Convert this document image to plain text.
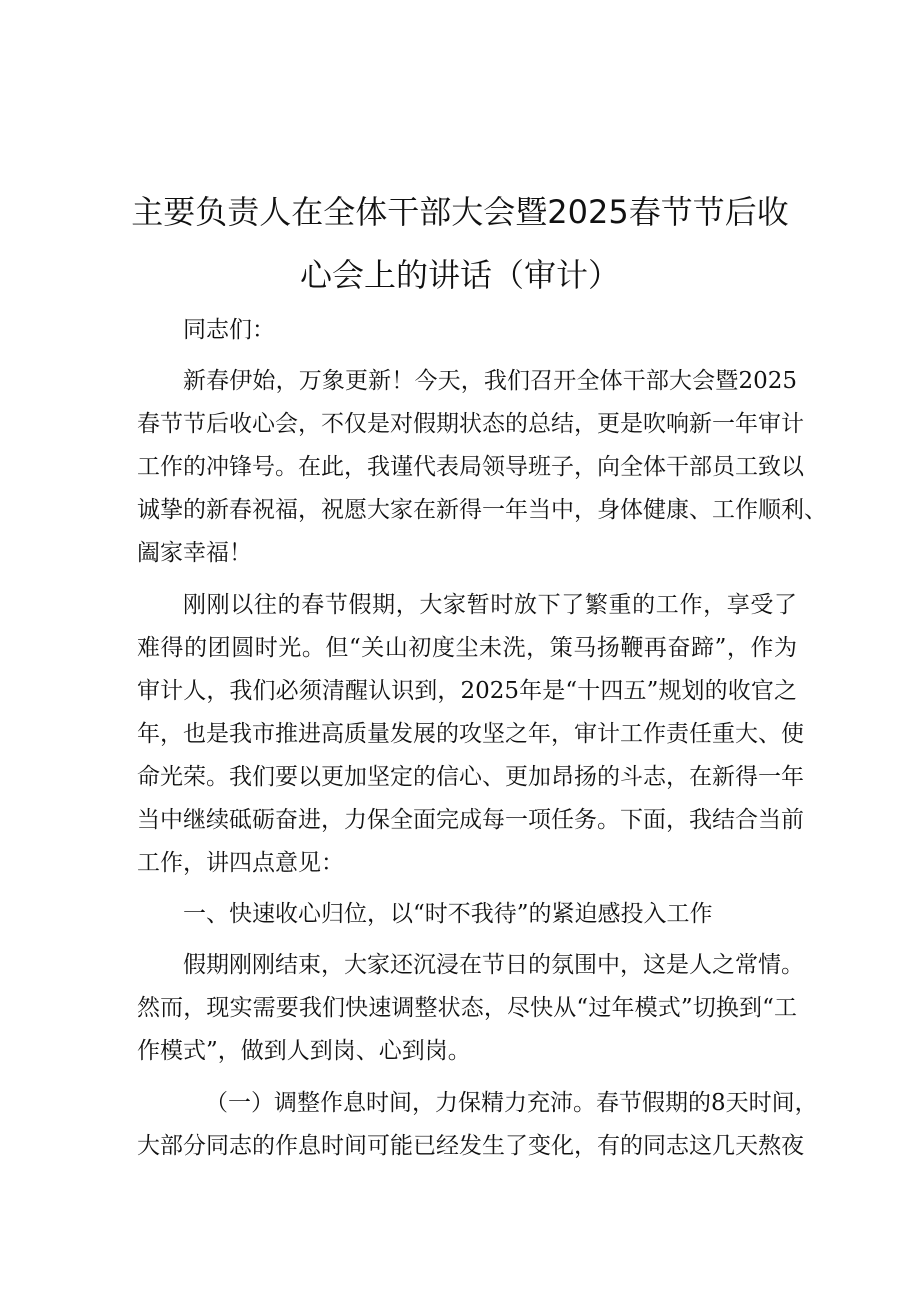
主要负责人在全体干部大会暨2025春节节后收
心会上的讲话（审计）
同志们：
新春伊始，万象更新！今天，我们召开全体干部大会暨2025
春节节后收心会，不仅是对假期状态的总结，更是吹响新一年审计
工作的冲锋号。在此，我谨代表局领导班子，向全体干部员工致以
诚挚的新春祝福，祝愿大家在新得一年当中，身体健康、工作顺利、
阖家幸福！
刚刚以往的春节假期，大家暂时放下了繁重的工作，享受了
难得的团圆时光。但“关山初度尘未洗，策马扬鞭再奋蹄”，作为
审计人，我们必须清醒认识到，2025年是“十四五”规划的收官之
年，也是我市推进高质量发展的攻坚之年，审计工作责任重大、使
命光荣。我们要以更加坚定的信心、更加昂扬的斗志，在新得一年
当中继续砥砺奋进，力保全面完成每一项任务。下面，我结合当前
工作，讲四点意见：
一、快速收心归位，以“时不我待”的紧迫感投入工作
假期刚刚结束，大家还沉浸在节日的氛围中，这是人之常情。
然而，现实需要我们快速调整状态，尽快从“过年模式”切换到“工
作模式”，做到人到岗、心到岗。
（一）调整作息时间，力保精力充沛。春节假期的8天时间，
大部分同志的作息时间可能已经发生了变化，有的同志这几天熬夜
